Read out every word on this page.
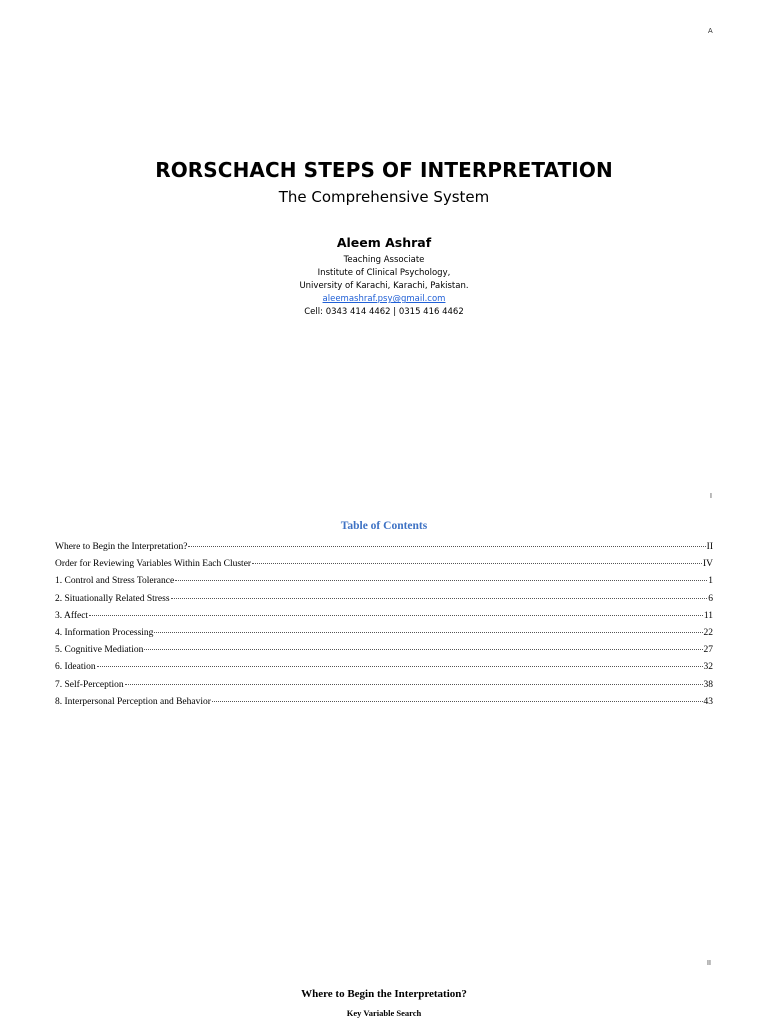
A
RORSCHACH STEPS OF INTERPRETATION
The Comprehensive System
Aleem Ashraf
Teaching Associate
Institute of Clinical Psychology,
University of Karachi, Karachi, Pakistan.
aleemashraf.psy@gmail.com
Cell: 0343 414 4462 | 0315 416 4462
I
Table of Contents
Where to Begin the Interpretation?	II
Order for Reviewing Variables Within Each Cluster	IV
1. Control and Stress Tolerance	1
2. Situationally Related Stress	6
3. Affect	11
4. Information Processing	22
5. Cognitive Mediation	27
6. Ideation	32
7. Self-Perception	38
8. Interpersonal Perception and Behavior	43
II
Where to Begin the Interpretation?
Key Variable Search
